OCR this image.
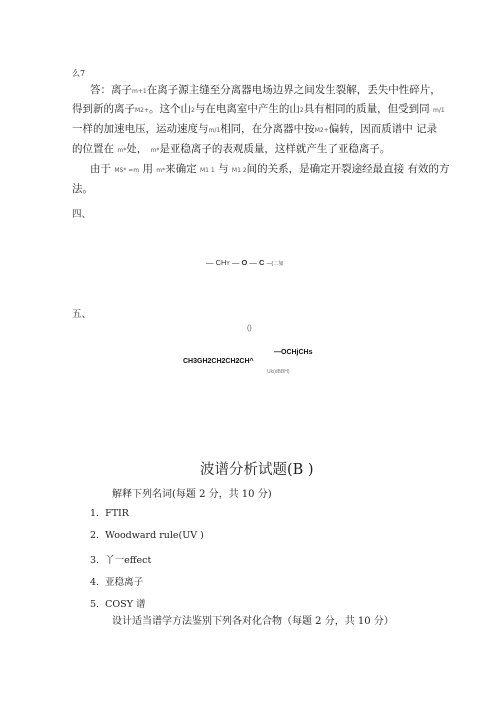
么7
答：离子m+1在离子源主缝至分离器电场边界之间发生裂解，丢失中性碎片，
得到新的离子M2+。这个山2与在电离室中产生的山2具有相同的质量，但受到同 m/1
一样的加速电压，运动速度与m/1相同，在分离器中按M2+偏转，因而质谱中 记录
的位置在 m*处， m*是亚稳离子的表观质量，这样就产生了亚稳离子。
由于 MS* =m 用 m*来确定 M1 1 与 M1 2间的关系，是确定开裂途经最直接 有效的方
法。
四、
— CHY — O — C —(二加
五、
()
—OCHjCHs
CH3GH2CH2CH2CH^
Uk(dBBH)
波谱分析试题(B )
解释下列名词(每题 2 分，共 10 分)
1. FTIR
2. Woodward rule(UV )
3. 丫一effect
4. 亚稳离子
5. COSY 谱
设计适当谱学方法鉴别下列各对化合物（每题 2 分，共 10 分）
